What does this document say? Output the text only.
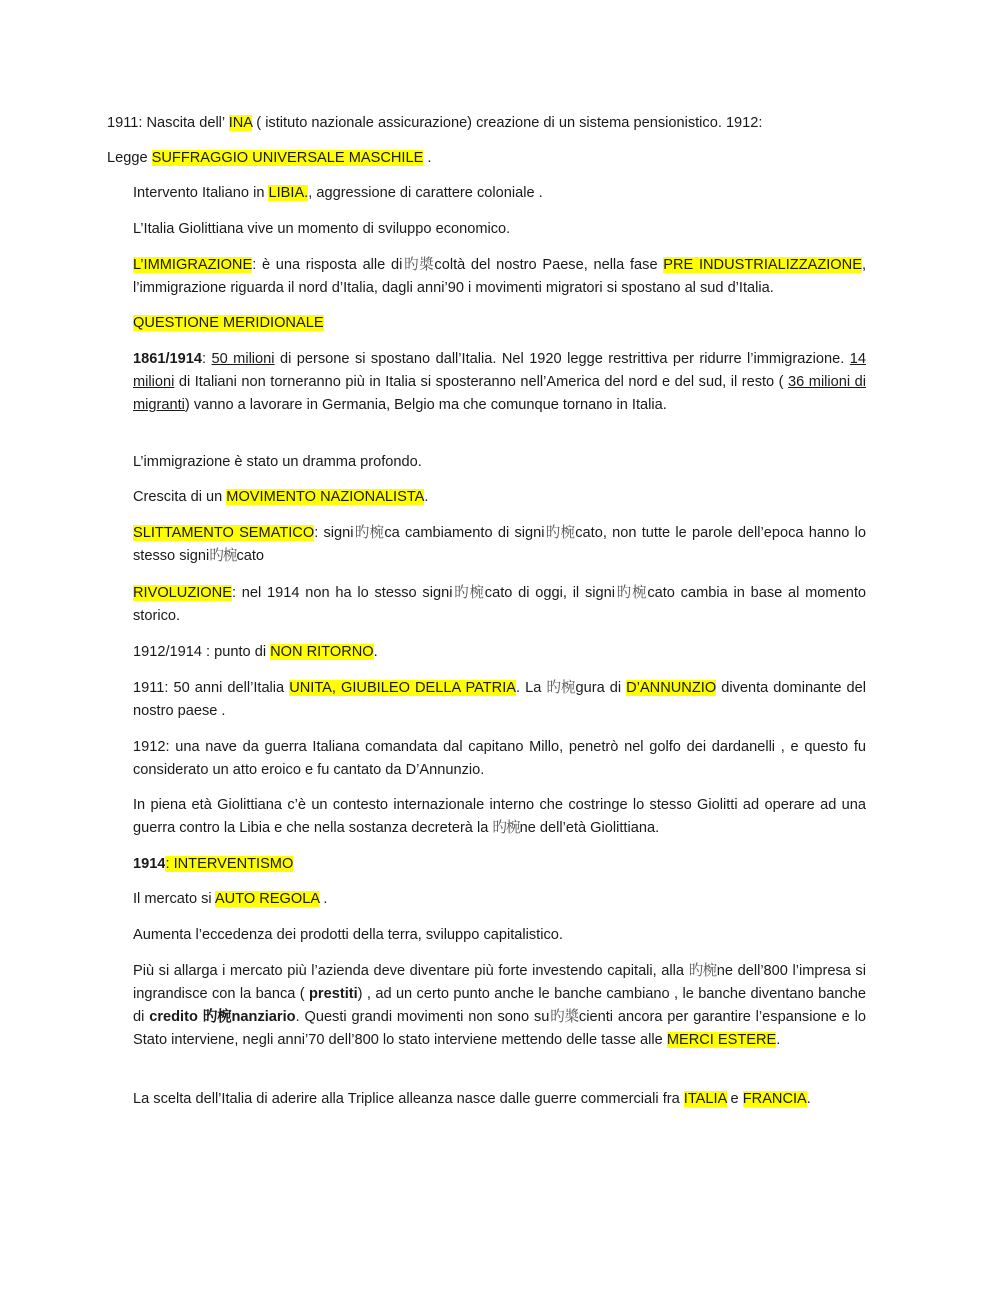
1911: Nascita dell’ INA ( istituto nazionale assicurazione) creazione di un sistema pensionistico. 1912:

Legge SUFFRAGGIO UNIVERSALE MASCHILE .

Intervento Italiano in LIBIA., aggressione di carattere coloniale .

L’Italia Giolittiana vive un momento di sviluppo economico.

L’IMMIGRAZIONE: è una risposta alle di旳槳coltà del nostro Paese, nella fase PRE INDUSTRIALIZZAZIONE, l’immigrazione riguarda il nord d’Italia, dagli anni’90 i movimenti migratori si spostano al sud d’Italia.

QUESTIONE MERIDIONALE

1861/1914: 50 milioni di persone si spostano dall’Italia. Nel 1920 legge restrittiva per ridurre l’immigrazione. 14 milioni di Italiani non torneranno più in Italia si sposteranno nell’America del nord e del sud, il resto ( 36 milioni di migranti) vanno a lavorare in Germania, Belgio ma che comunque tornano in Italia.

L’immigrazione è stato un dramma profondo.

Crescita di un MOVIMENTO NAZIONALISTA.

SLITTAMENTO SEMATICO: signi旳椀ca cambiamento di signi旳椀cato, non tutte le parole dell’epoca hanno lo stesso signi旳椀cato

RIVOLUZIONE: nel 1914 non ha lo stesso signi旳椀cato di oggi, il signi旳椀cato cambia in base al momento storico.

1912/1914 : punto di NON RITORNO.

1911: 50 anni dell’Italia UNITA, GIUBILEO DELLA PATRIA. La 旳椀gura di D’ANNUNZIO diventa dominante del nostro paese .

1912: una nave da guerra Italiana comandata dal capitano Millo, penetrò nel golfo dei dardanelli , e questo fu considerato un atto eroico e fu cantato da D’Annunzio.

In piena età Giolittiana c’è un contesto internazionale interno che costringe lo stesso Giolitti ad operare ad una guerra contro la Libia e che nella sostanza decreterà la 旳椀ne dell’età Giolittiana.

1914: INTERVENTISMO

Il mercato si AUTO REGOLA .

Aumenta l’eccedenza dei prodotti della terra, sviluppo capitalistico.

Più si allarga i mercato più l’azienda deve diventare più forte investendo capitali, alla 旳椀ne dell’800 l’impresa si ingrandisce con la banca ( prestiti) , ad un certo punto anche le banche cambiano , le banche diventano banche di credito 旳椀nanziario. Questi grandi movimenti non sono su旳槳cienti ancora per garantire l’espansione e lo Stato interviene, negli anni’70 dell’800 lo stato interviene mettendo delle tasse alle MERCI ESTERE.

La scelta dell’Italia di aderire alla Triplice alleanza nasce dalle guerre commerciali fra ITALIA e FRANCIA.
